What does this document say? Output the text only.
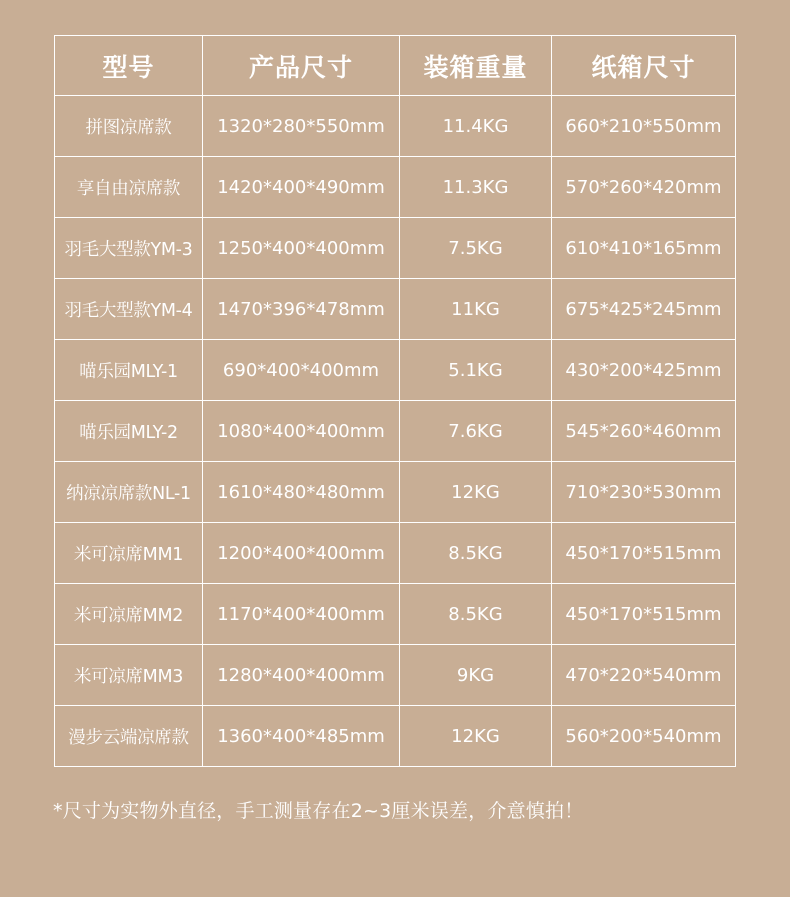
型号	产品尺寸	装箱重量	纸箱尺寸
拼图凉席款	1320*280*550mm	11.4KG	660*210*550mm
享自由凉席款	1420*400*490mm	11.3KG	570*260*420mm
羽毛大型款YM-3	1250*400*400mm	7.5KG	610*410*165mm
羽毛大型款YM-4	1470*396*478mm	11KG	675*425*245mm
喵乐园MLY-1	690*400*400mm	5.1KG	430*200*425mm
喵乐园MLY-2	1080*400*400mm	7.6KG	545*260*460mm
纳凉凉席款NL-1	1610*480*480mm	12KG	710*230*530mm
米可凉席MM1	1200*400*400mm	8.5KG	450*170*515mm
米可凉席MM2	1170*400*400mm	8.5KG	450*170*515mm
米可凉席MM3	1280*400*400mm	9KG	470*220*540mm
漫步云端凉席款	1360*400*485mm	12KG	560*200*540mm
*尺寸为实物外直径，手工测量存在2~3厘米误差，介意慎拍！
